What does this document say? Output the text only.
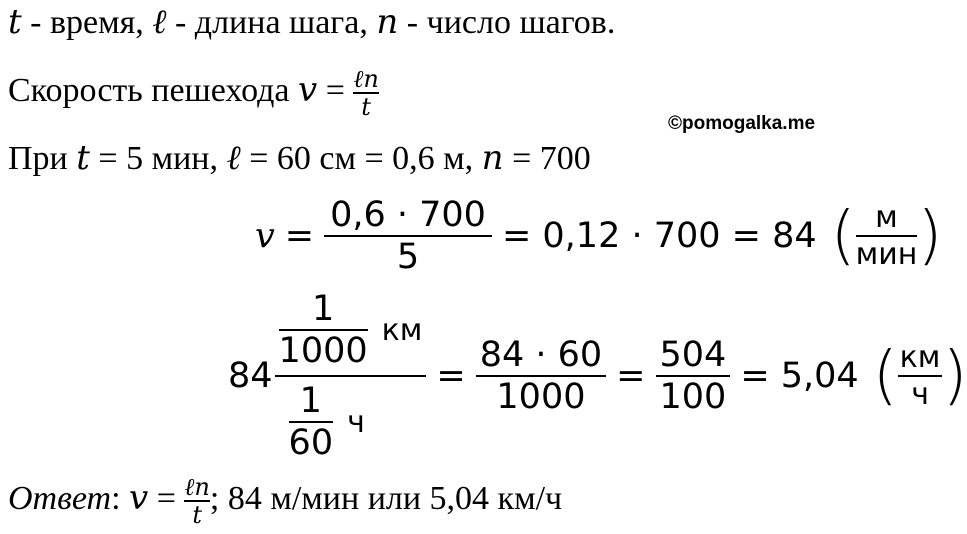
t - время, ℓ - длина шага, n - число шагов.
Скорость пешехода $v = \frac{\text{ℓn}}{t}$
©pomogalka.me
При t = 5 мин, ℓ = 60 см = 0,6 м, n = 700
$v = \frac{0,6 \cdot 700}{5} = 0,12 \cdot 700 = 84$ ( $\frac{м}{\text{мин}}$ )
$84 \frac{\frac{1}{1000} км}{\frac{1}{60} ч} = \frac{84 \cdot 60}{1000} = \frac{504}{100} = 5,04$ ( $\frac{км}{ч}$ )
Ответ: $v = \frac{\text{ℓn}}{t}$ ; 84 м/мин или 5,04 км/ч
